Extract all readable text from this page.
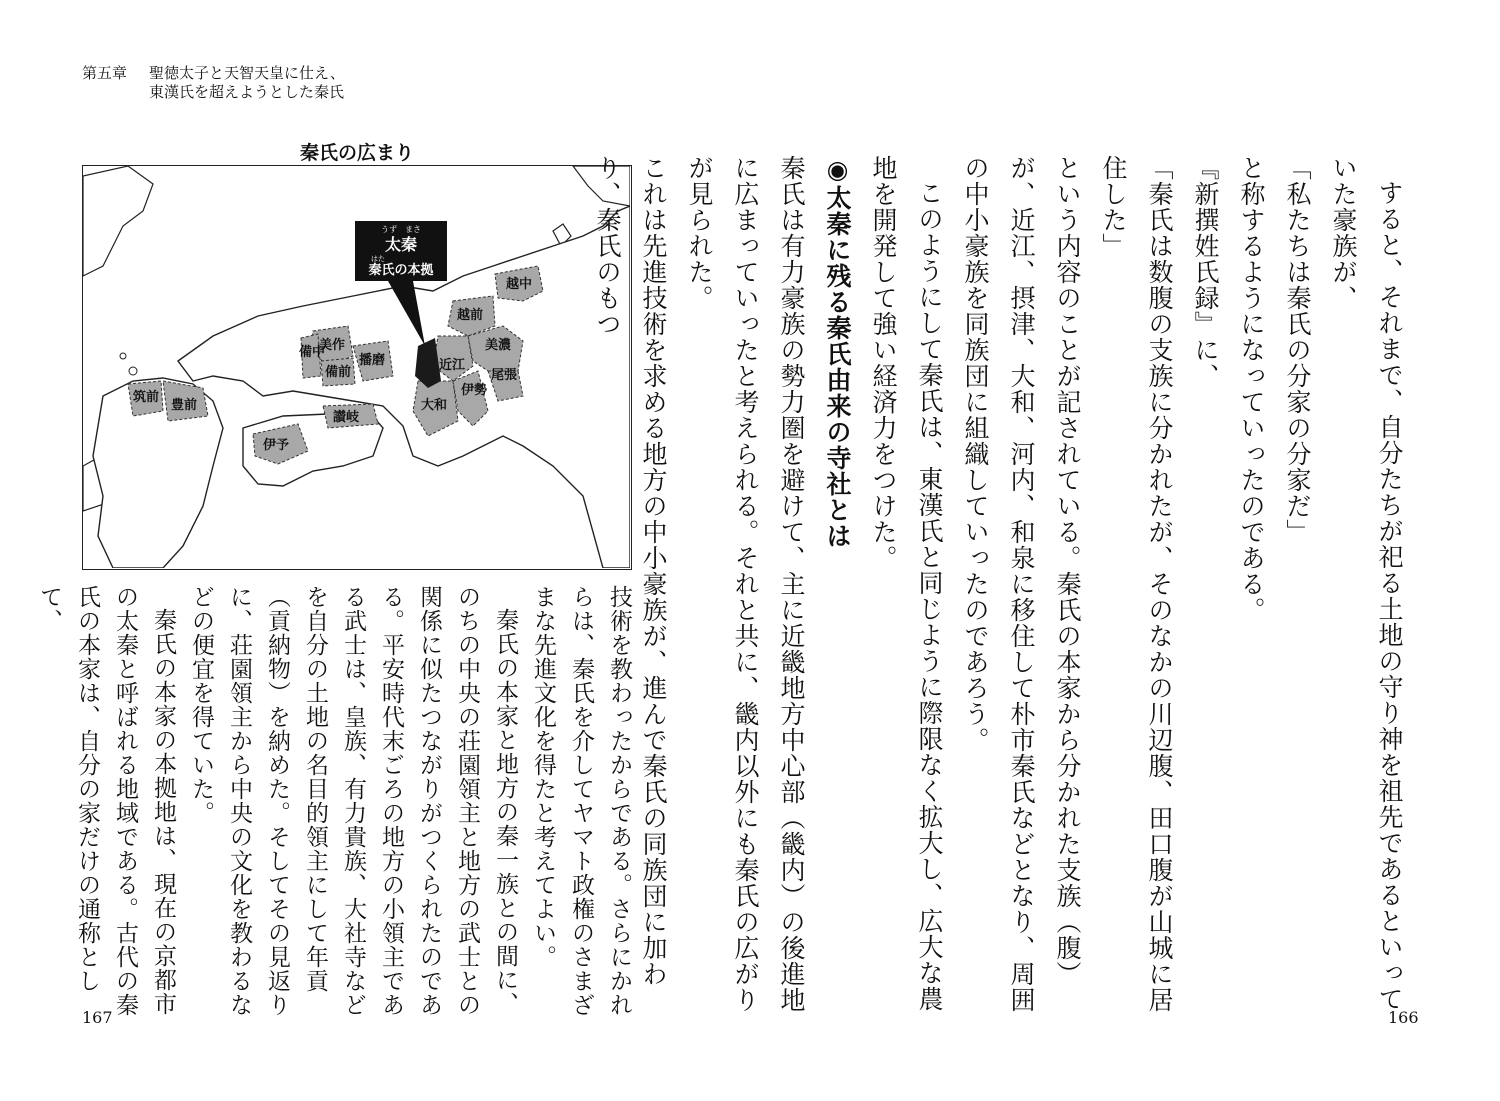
第五章 聖徳太子と天智天皇に仕え、
東漢氏を超えようとした秦氏
秦氏の広まり
うず　まさ
太秦
はた
秦氏の本拠
越中
越前
美濃
尾張
近江
伊勢
大和
美作
播磨
備中
備前
讃岐
伊予
筑前
豊前	すると、それまで、自分たちが祀る土地の守り神を祖先であるといっていた豪族が、

「私たちは秦氏の分家の分家だ」

と称するようになっていったのである。

『新撰姓氏録』に、

「秦氏は数腹の支族に分かれたが、そのなかの川辺腹、田口腹が山城に居住した」

という内容のことが記されている。秦氏の本家から分かれた支族（腹）が、近江、摂津、大和、河内、和泉に移住して朴市秦氏などとなり、周囲の中小豪族を同族団に組織していったのであろう。

このようにして秦氏は、東漢氏と同じように際限なく拡大し、広大な農地を開発して強い経済力をつけた。

◉太秦に残る秦氏由来の寺社とは

秦氏は有力豪族の勢力圏を避けて、主に近畿地方中心部（畿内）の後進地に広まっていったと考えられる。それと共に、畿内以外にも秦氏の広がりが見られた。

これは先進技術を求める地方の中小豪族が、進んで秦氏の同族団に加わり、秦氏のもつ

技術を教わったからである。さらにかれらは、秦氏を介してヤマト政権のさまざまな先進文化を得たと考えてよい。

秦氏の本家と地方の秦一族との間に、のちの中央の荘園領主と地方の武士との関係に似たつながりがつくられたのである。平安時代末ごろの地方の小領主である武士は、皇族、有力貴族、大社寺などを自分の土地の名目的領主にして年貢（貢納物）を納めた。そしてその見返りに、荘園領主から中央の文化を教わるなどの便宜を得ていた。

秦氏の本家の本拠地は、現在の京都市の太秦と呼ばれる地域である。古代の秦氏の本家は、自分の家だけの通称として、

167	166
